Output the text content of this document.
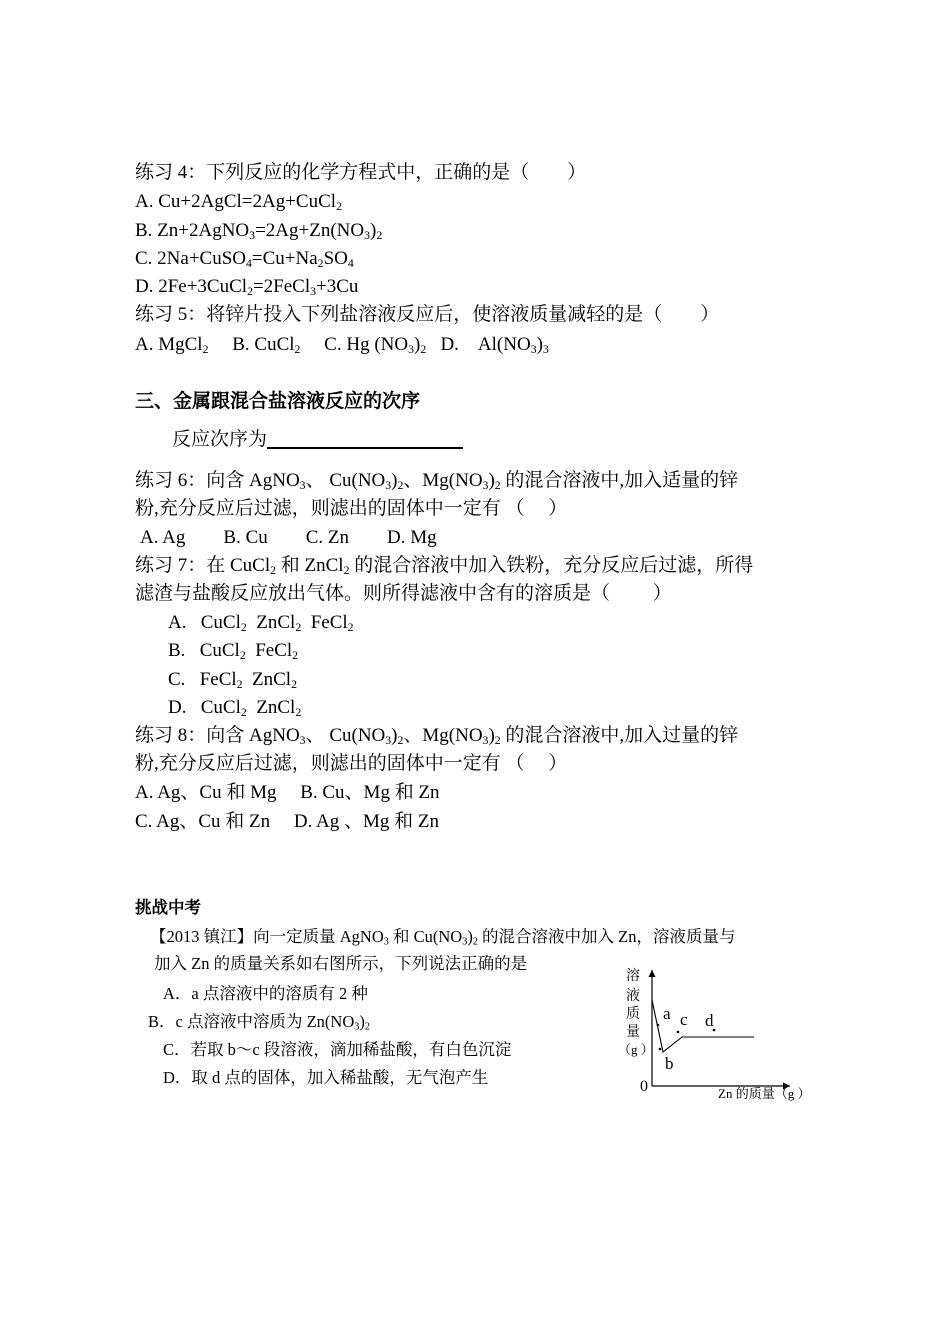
练习 4：下列反应的化学方程式中，正确的是（　　）
A. Cu+2AgCl=2Ag+CuCl$_2$
B. $Zn+2AgNO_3=2Ag+Zn(NO_3)_2$
C. $2Na+CuSO_4=Cu+Na_2SO_4$
D. 2Fe+3CuCl$_2$=2FeCl$_3$+3Cu
练习 5：将锌片投入下列盐溶液反应后，使溶液质量减轻的是（　　）
A. MgCl$_2$ B. CuCl$_2$ C. Hg $(NO_3)_2$ D.　$Al(NO_3)_3$
三、金属跟混合盐溶液反应的次序
反应次序为
练习 6：向含 AgNO$_3$、 $Cu(NO_3)_2$、$Mg(NO_3)_2$ 的混合溶液中,加入适量的锌
粉,充分反应后过滤，则滤出的固体中一定有 （　 ）
A. Ag　　B. Cu　　C. Zn　　D. Mg
练习 7：在 CuCl$_2$ 和 ZnCl$_2$ 的混合溶液中加入铁粉，充分反应后过滤，所得
滤渣与盐酸反应放出气体。则所得滤液中含有的溶质是（　　 ）
A. CuCl$_2$ ZnCl$_2$ FeCl$_2$
B. CuCl$_2$ FeCl$_2$
C. FeCl$_2$ ZnCl$_2$
D. CuCl$_2$ ZnCl$_2$
练习 8：向含 AgNO$_3$、 $Cu(NO_3)_2$、$Mg(NO_3)_2$ 的混合溶液中,加入过量的锌
粉,充分反应后过滤，则滤出的固体中一定有 （　 ）
A. Ag、Cu 和 Mg　 B. Cu、Mg 和 Zn
C. Ag、Cu 和 Zn　 D. Ag 、Mg 和 Zn
挑战中考
【2013 镇江】向一定质量 AgNO$_3$ 和 $Cu(NO_3)_2$ 的混合溶液中加入 Zn，溶液质量与
加入 Zn 的质量关系如右图所示，下列说法正确的是
A．a 点溶液中的溶质有 2 种
B．c 点溶液中溶质为 $Zn(NO_3)_2$
C．若取 b～c 段溶液，滴加稀盐酸，有白色沉淀
D．取 d 点的固体，加入稀盐酸，无气泡产生
溶
液
质
量
（g ）
a
b
c d
0	Zn 的质量（g ）
